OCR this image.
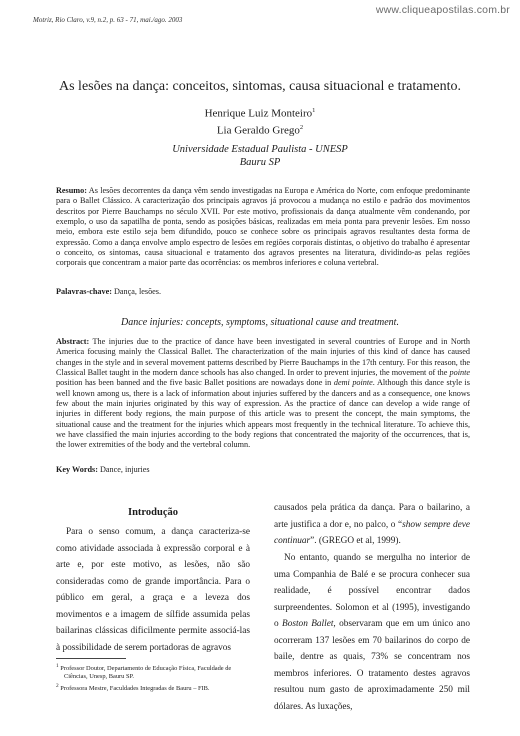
www.cliqueapostilas.com.br
Motriz, Rio Claro, v.9, n.2, p. 63 - 71, mai./ago. 2003
As lesões na dança: conceitos, sintomas, causa situacional e tratamento.
Henrique Luiz Monteiro$^1$
Lia Geraldo Grego$^2$
Universidade Estadual Paulista - UNESP
Bauru SP
Resumo: As lesões decorrentes da dança vêm sendo investigadas na Europa e América do Norte, com enfoque predominante para o Ballet Clássico. A caracterização dos principais agravos já provocou a mudança no estilo e padrão dos movimentos descritos por Pierre Bauchamps no século XVII. Por este motivo, profissionais da dança atualmente vêm condenando, por exemplo, o uso da sapatilha de ponta, sendo as posições básicas, realizadas em meia ponta para prevenir lesões. Em nosso meio, embora este estilo seja bem difundido, pouco se conhece sobre os principais agravos resultantes desta forma de expressão. Como a dança envolve amplo espectro de lesões em regiões corporais distintas, o objetivo do trabalho é apresentar o conceito, os sintomas, causa situacional e tratamento dos agravos presentes na literatura, dividindo-as pelas regiões corporais que concentram a maior parte das ocorrências: os membros inferiores e coluna vertebral.
Palavras-chave: Dança, lesões.
Dance injuries: concepts, symptoms, situational cause and treatment.
Abstract: The injuries due to the practice of dance have been investigated in several countries of Europe and in North America focusing mainly the Classical Ballet. The characterization of the main injuries of this kind of dance has caused changes in the style and in several movement patterns described by Pierre Bauchamps in the 17th century. For this reason, the Classical Ballet taught in the modern dance schools has also changed. In order to prevent injuries, the movement of the pointe position has been banned and the five basic Ballet positions are nowadays done in demi pointe. Although this dance style is well known among us, there is a lack of information about injuries suffered by the dancers and as a consequence, one knows few about the main injuries originated by this way of expression. As the practice of dance can develop a wide range of injuries in different body regions, the main purpose of this article was to present the concept, the main symptoms, the situational cause and the treatment for the injuries which appears most frequently in the technical literature. To achieve this, we have classified the main injuries according to the body regions that concentrated the majority of the occurrences, that is, the lower extremities of the body and the vertebral column.
Key Words: Dance, injuries
Introdução
Para o senso comum, a dança caracteriza-se como atividade associada à expressão corporal e à arte e, por este motivo, as lesões, não são consideradas como de grande importância. Para o público em geral, a graça e a leveza dos movimentos e a imagem de sílfide assumida pelas bailarinas clássicas dificilmente permite associá-las à possibilidade de serem portadoras de agravos
$^1$ Professor Doutor, Departamento de Educação Física, Faculdade de Ciências, Unesp, Bauru SP.
$^2$ Professora Mestre, Faculdades Integradas de Bauru – FIB.
causados pela prática da dança. Para o bailarino, a arte justifica a dor e, no palco, o “show sempre deve continuar”. (GREGO et al, 1999).
No entanto, quando se mergulha no interior de uma Companhia de Balé e se procura conhecer sua realidade, é possível encontrar dados surpreendentes. Solomon et al (1995), investigando o Boston Ballet, observaram que em um único ano ocorreram 137 lesões em 70 bailarinos do corpo de baile, dentre as quais, 73% se concentram nos membros inferiores. O tratamento destes agravos resultou num gasto de aproximadamente 250 mil dólares. As luxações,
